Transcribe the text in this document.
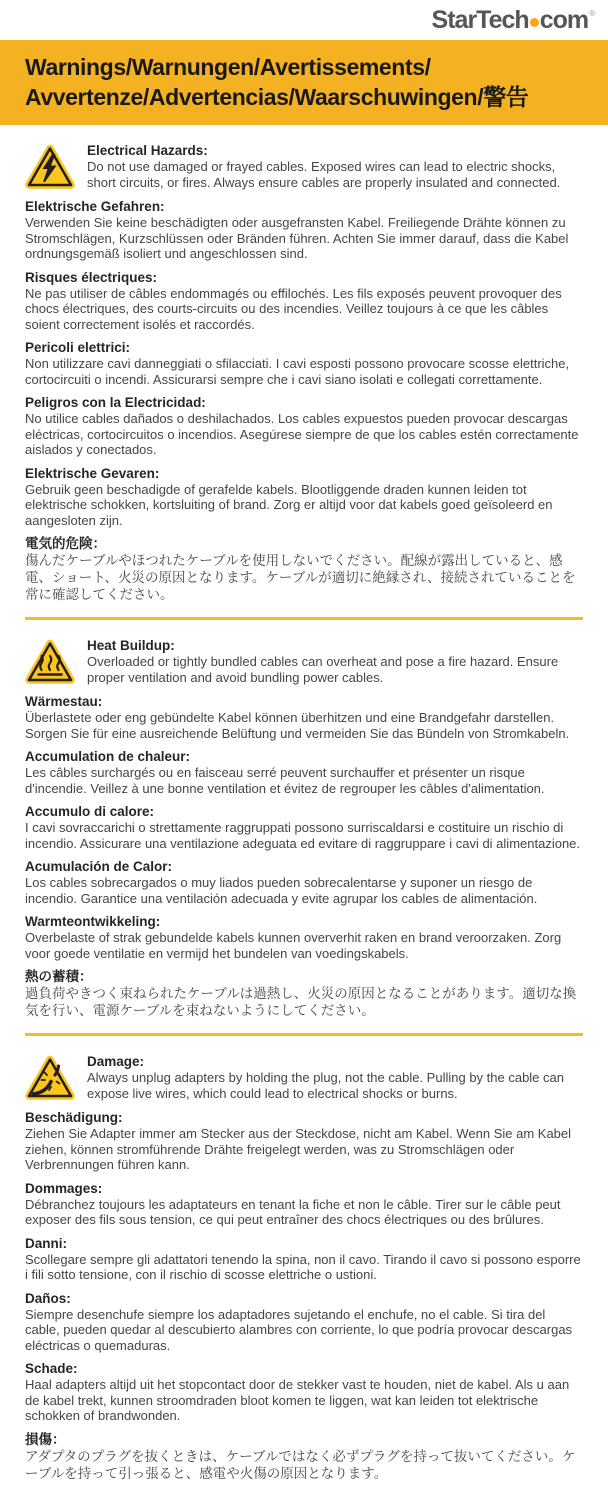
StarTech com ®
Warnings/Warnungen/Avertissements/
Avvertenze/Advertencias/Waarschuwingen/警告
Electrical Hazards:

Do not use damaged or frayed cables. Exposed wires can lead to electric shocks, short circuits, or fires. Always ensure cables are properly insulated and connected.

Elektrische Gefahren:

Verwenden Sie keine beschädigten oder ausgefransten Kabel. Freiliegende Drähte können zu Stromschlägen, Kurzschlüssen oder Bränden führen. Achten Sie immer darauf, dass die Kabel ordnungsgemäß isoliert und angeschlossen sind.

Risques électriques:

Ne pas utiliser de câbles endommagés ou effilochés. Les fils exposés peuvent provoquer des chocs électriques, des courts-circuits ou des incendies. Veillez toujours à ce que les câbles soient correctement isolés et raccordés.

Pericoli elettrici:

Non utilizzare cavi danneggiati o sfilacciati. I cavi esposti possono provocare scosse elettriche, cortocircuiti o incendi. Assicurarsi sempre che i cavi siano isolati e collegati correttamente.

Peligros con la Electricidad:

No utilice cables dañados o deshilachados. Los cables expuestos pueden provocar descargas eléctricas, cortocircuitos o incendios. Asegúrese siempre de que los cables estén correctamente aislados y conectados.

Elektrische Gevaren:

Gebruik geen beschadigde of gerafelde kabels. Blootliggende draden kunnen leiden tot elektrische schokken, kortsluiting of brand. Zorg er altijd voor dat kabels goed geïsoleerd en aangesloten zijn.

電気的危険：

傷んだケーブルやほつれたケーブルを使用しないでください。配線が露出していると、感電、ショート、火災の原因となります。ケーブルが適切に絶縁され、接続されていることを常に確認してください。

Heat Buildup:

Overloaded or tightly bundled cables can overheat and pose a fire hazard. Ensure proper ventilation and avoid bundling power cables.

Wärmestau:

Überlastete oder eng gebündelte Kabel können überhitzen und eine Brandgefahr darstellen. Sorgen Sie für eine ausreichende Belüftung und vermeiden Sie das Bündeln von Stromkabeln.

Accumulation de chaleur:

Les câbles surchargés ou en faisceau serré peuvent surchauffer et présenter un risque d'incendie. Veillez à une bonne ventilation et évitez de regrouper les câbles d'alimentation.

Accumulo di calore:

I cavi sovraccarichi o strettamente raggruppati possono surriscaldarsi e costituire un rischio di incendio. Assicurare una ventilazione adeguata ed evitare di raggruppare i cavi di alimentazione.

Acumulación de Calor:

Los cables sobrecargados o muy liados pueden sobrecalentarse y suponer un riesgo de incendio. Garantice una ventilación adecuada y evite agrupar los cables de alimentación.

Warmteontwikkeling:

Overbelaste of strak gebundelde kabels kunnen oververhit raken en brand veroorzaken. Zorg voor goede ventilatie en vermijd het bundelen van voedingskabels.

熱の蓄積：

過負荷やきつく束ねられたケーブルは過熱し、火災の原因となることがあります。適切な換気を行い、電源ケーブルを束ねないようにしてください。

Damage:

Always unplug adapters by holding the plug, not the cable. Pulling by the cable can expose live wires, which could lead to electrical shocks or burns.

Beschädigung:

Ziehen Sie Adapter immer am Stecker aus der Steckdose, nicht am Kabel. Wenn Sie am Kabel ziehen, können stromführende Drähte freigelegt werden, was zu Stromschlägen oder Verbrennungen führen kann.

Dommages:

Débranchez toujours les adaptateurs en tenant la fiche et non le câble. Tirer sur le câble peut exposer des fils sous tension, ce qui peut entraîner des chocs électriques ou des brûlures.

Danni:

Scollegare sempre gli adattatori tenendo la spina, non il cavo. Tirando il cavo si possono esporre i fili sotto tensione, con il rischio di scosse elettriche o ustioni.

Daños:

Siempre desenchufe siempre los adaptadores sujetando el enchufe, no el cable. Si tira del cable, pueden quedar al descubierto alambres con corriente, lo que podría provocar descargas eléctricas o quemaduras.

Schade:

Haal adapters altijd uit het stopcontact door de stekker vast te houden, niet de kabel. Als u aan de kabel trekt, kunnen stroomdraden bloot komen te liggen, wat kan leiden tot elektrische schokken of brandwonden.

損傷：

アダプタのプラグを抜くときは、ケーブルではなく必ずプラグを持って抜いてください。ケーブルを持って引っ張ると、感電や火傷の原因となります。
